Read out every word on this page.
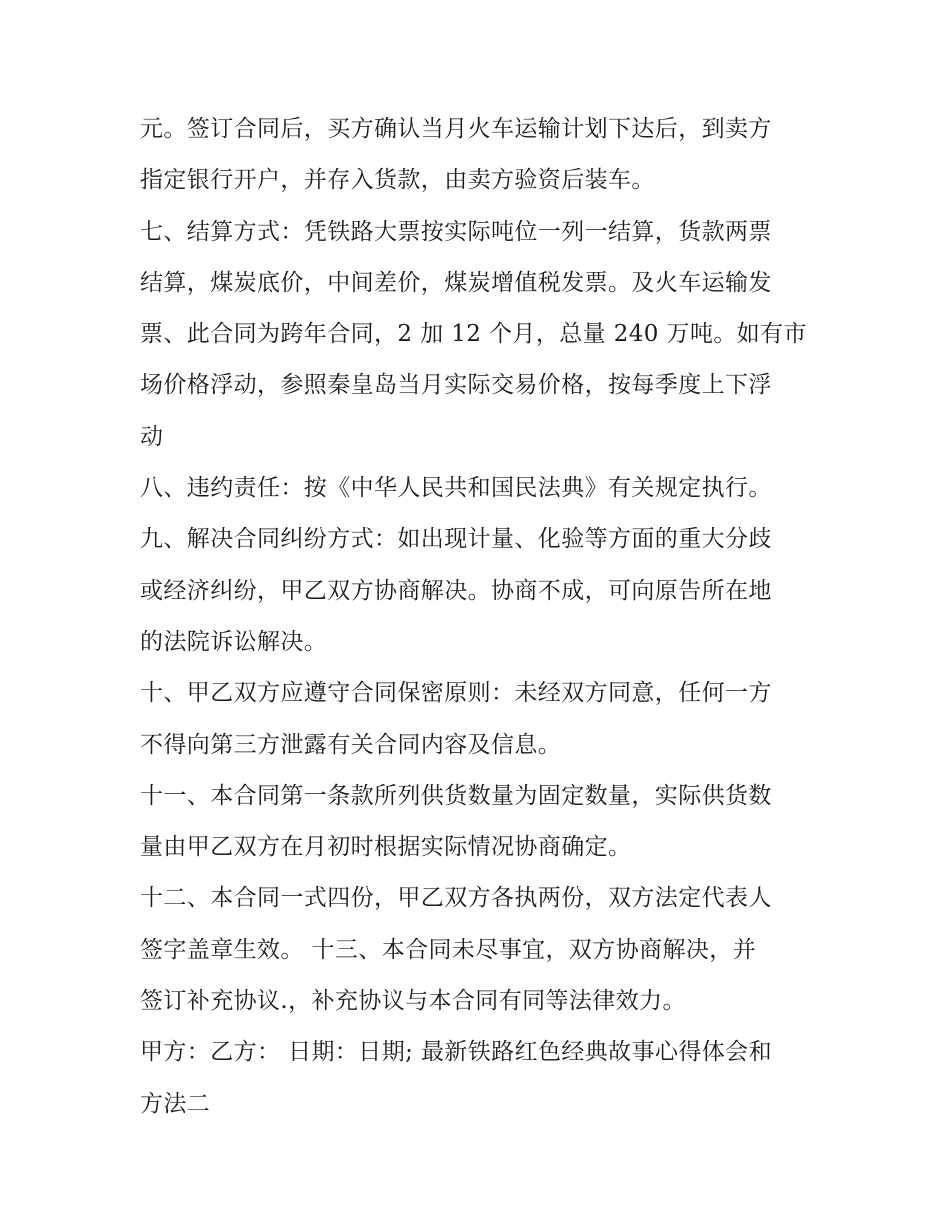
元。签订合同后，买方确认当月火车运输计划下达后，到卖方
指定银行开户，并存入货款，由卖方验资后装车。
七、结算方式：凭铁路大票按实际吨位一列一结算，货款两票
结算，煤炭底价，中间差价，煤炭增值税发票。及火车运输发
票、此合同为跨年合同，2 加 12 个月，总量 240 万吨。如有市
场价格浮动，参照秦皇岛当月实际交易价格，按每季度上下浮
动
八、违约责任：按《中华人民共和国民法典》有关规定执行。
九、解决合同纠纷方式：如出现计量、化验等方面的重大分歧
或经济纠纷，甲乙双方协商解决。协商不成，可向原告所在地
的法院诉讼解决。
十、甲乙双方应遵守合同保密原则：未经双方同意，任何一方
不得向第三方泄露有关合同内容及信息。
十一、本合同第一条款所列供货数量为固定数量，实际供货数
量由甲乙双方在月初时根据实际情况协商确定。
十二、本合同一式四份，甲乙双方各执两份，双方法定代表人
签字盖章生效。 十三、本合同未尽事宜，双方协商解决，并
签订补充协议.，补充协议与本合同有同等法律效力。
甲方：乙方： 日期：日期; 最新铁路红色经典故事心得体会和
方法二
